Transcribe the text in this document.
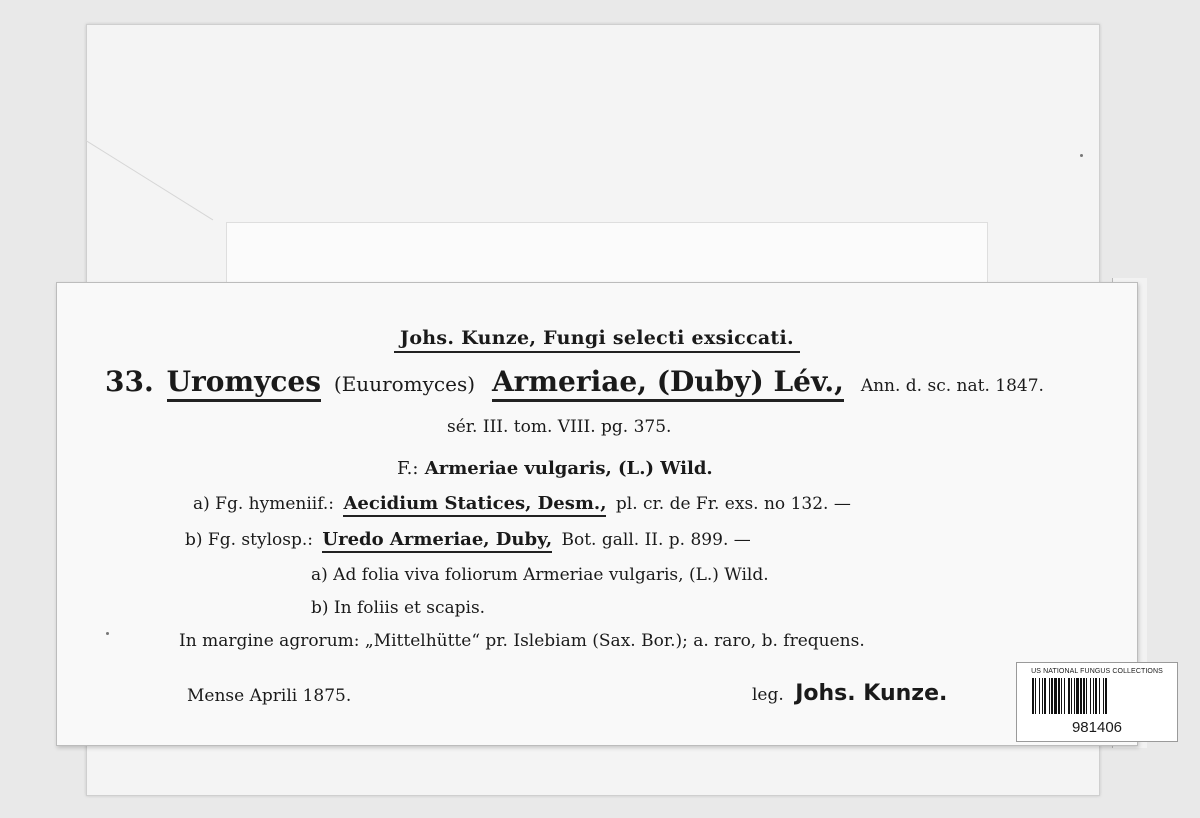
Johs. Kunze, Fungi selecti exsiccati.
33. Uromyces (Euuromyces) Armeriae, (Duby) Lév., Ann. d. sc. nat. 1847.
sér. III. tom. VIII. pg. 375.
F.: Armeriae vulgaris, (L.) Wild.
a) Fg. hymeniif.: Aecidium Statices, Desm., pl. cr. de Fr. exs. no 132. —
b) Fg. stylosp.: Uredo Armeriae, Duby, Bot. gall. II. p. 899. —
a) Ad folia viva foliorum Armeriae vulgaris, (L.) Wild.
b) In foliis et scapis.
In margine agrorum: „Mittelhütte“ pr. Islebiam (Sax. Bor.); a. raro, b. frequens.
Mense Aprili 1875.	leg. Johs. Kunze.
US NATIONAL FUNGUS COLLECTIONS
981406
